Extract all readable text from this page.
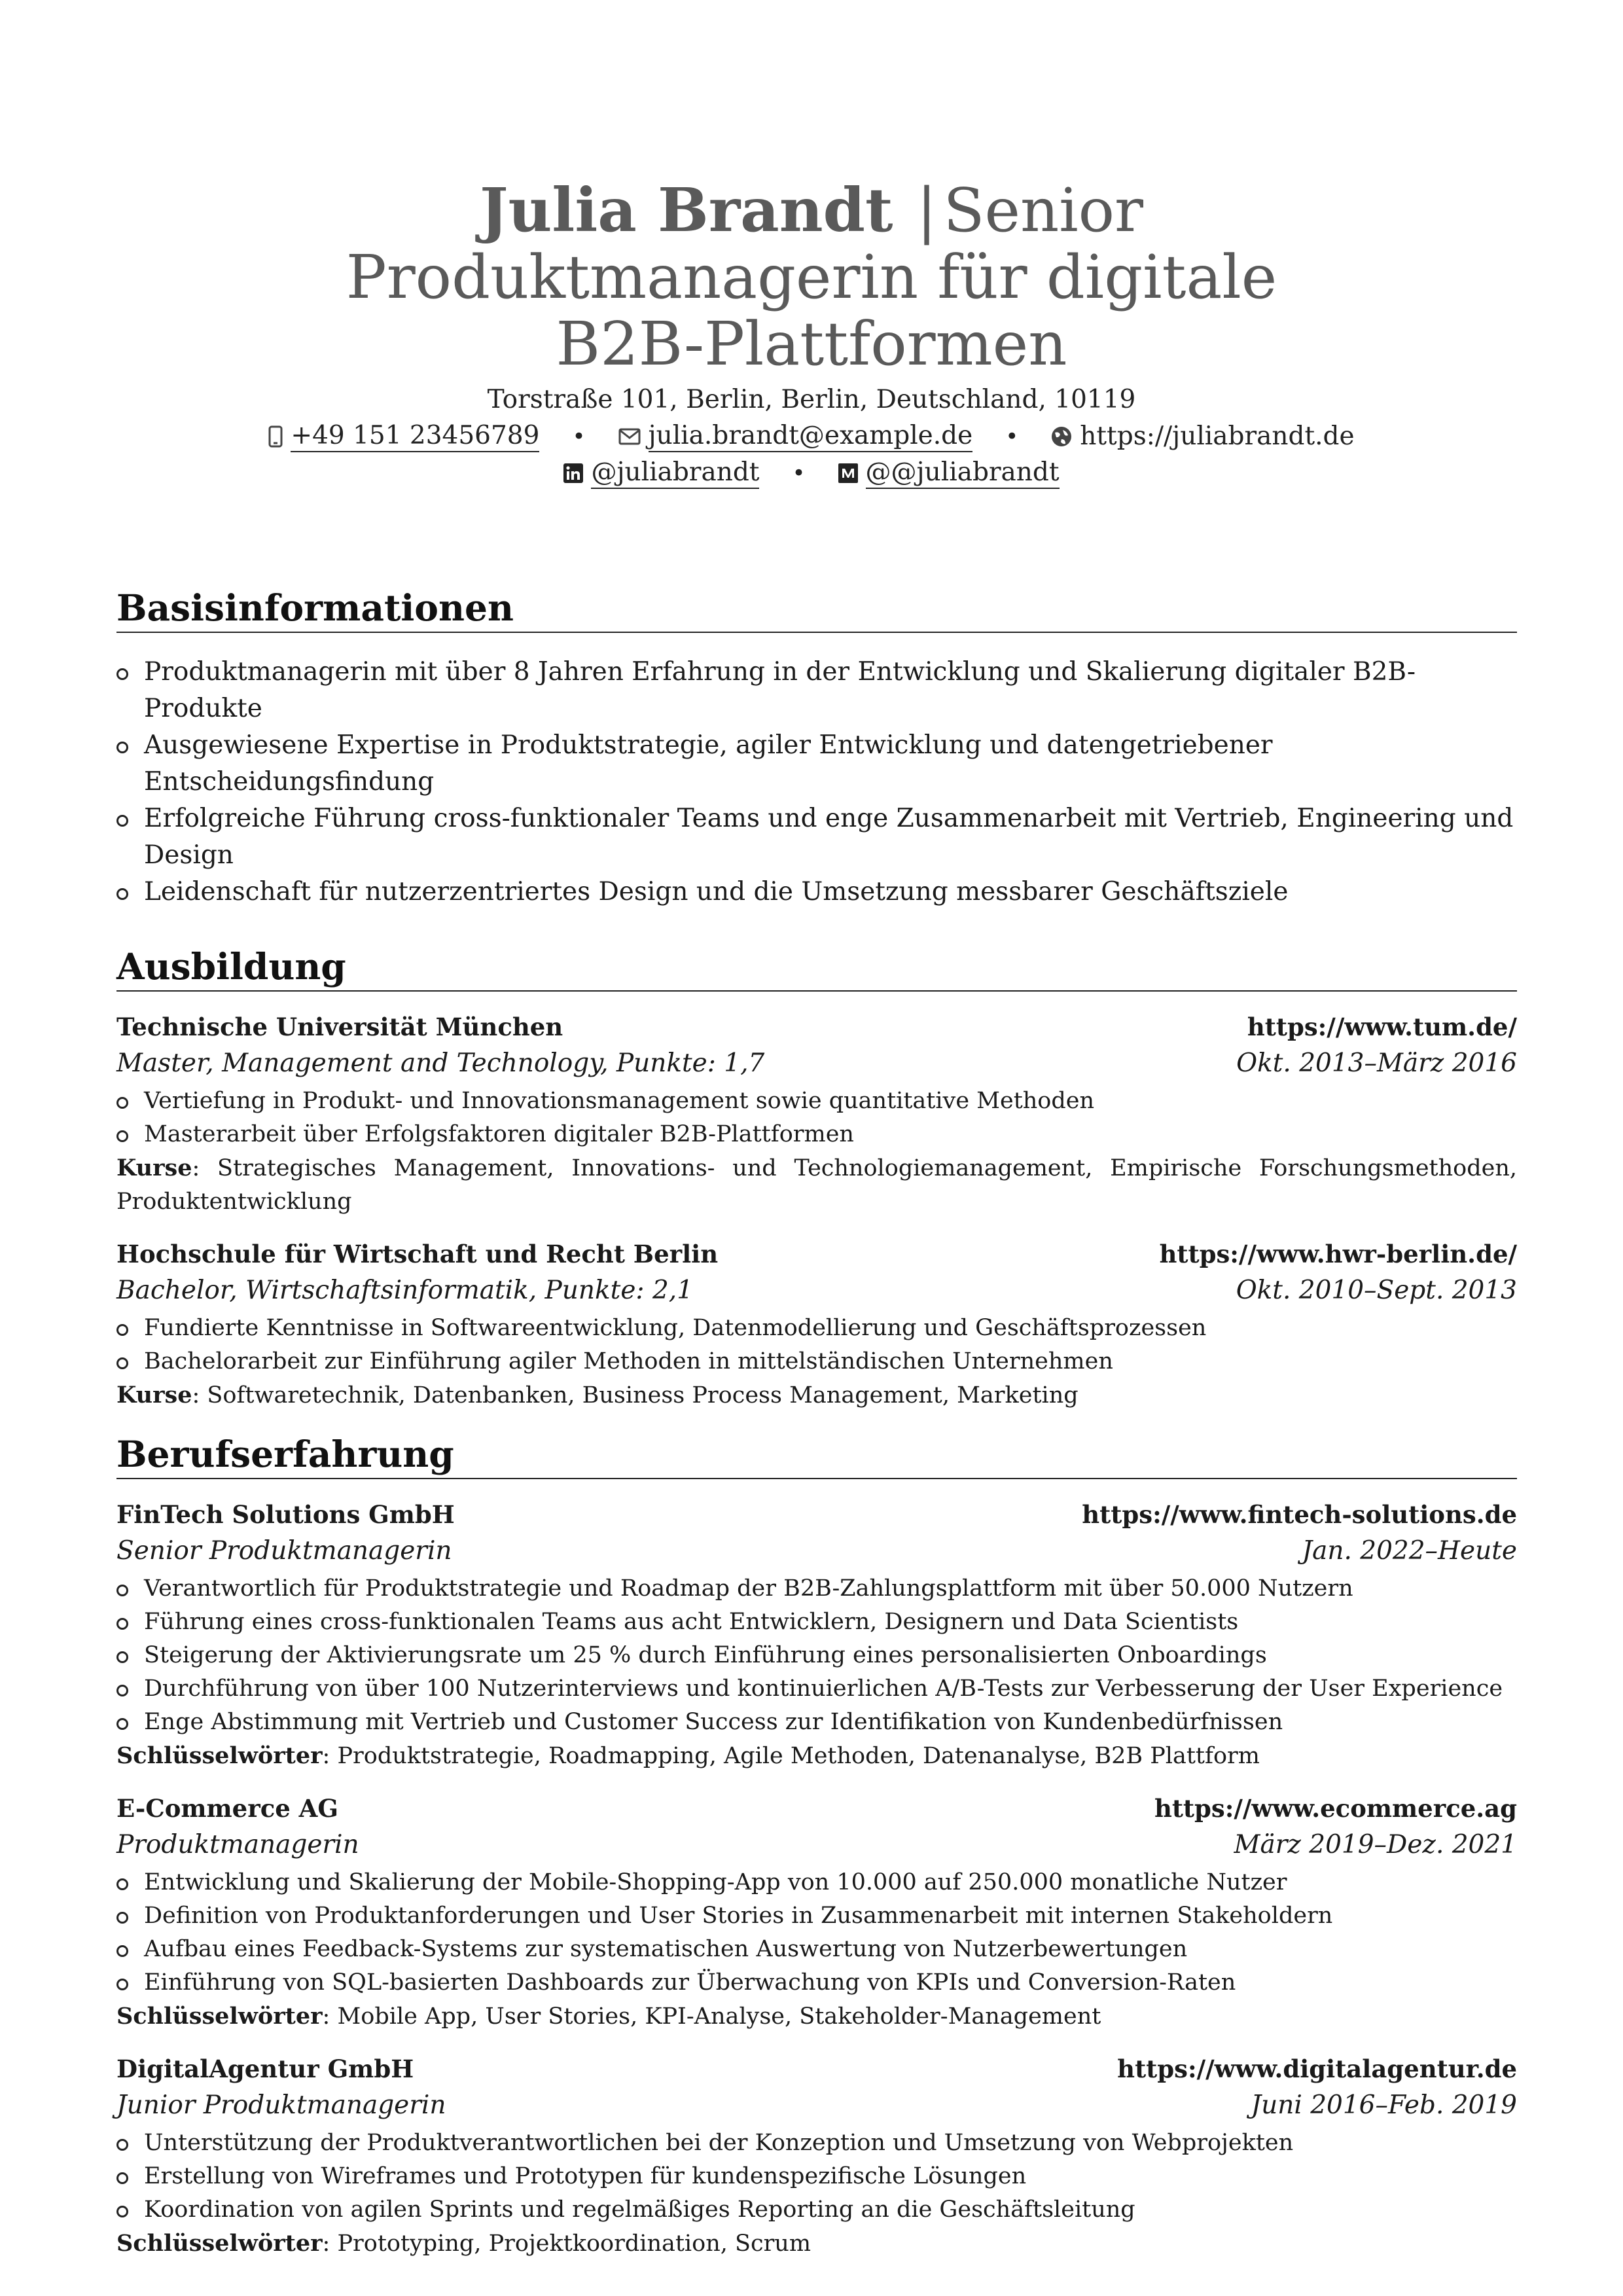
Julia Brandt | Senior Produktmanagerin für digitale B2B-Plattformen
Torstraße 101, Berlin, Berlin, Deutschland, 10119
+49 151 23456789 • julia.brandt@example.de • https://juliabrandt.de
@juliabrandt • @@juliabrandt
Basisinformationen
Produktmanagerin mit über 8 Jahren Erfahrung in der Entwicklung und Skalierung digitaler B2B-Produkte
Ausgewiesene Expertise in Produktstrategie, agiler Entwicklung und datengetriebener Entscheidungsfindung
Erfolgreiche Führung cross-funktionaler Teams und enge Zusammenarbeit mit Vertrieb, Engineering und Design
Leidenschaft für nutzerzentriertes Design und die Umsetzung messbarer Geschäftsziele
Ausbildung
Technische Universität München	https://www.tum.de/
Master, Management and Technology, Punkte: 1,7	Okt. 2013–März 2016
Vertiefung in Produkt- und Innovationsmanagement sowie quantitative Methoden
Masterarbeit über Erfolgsfaktoren digitaler B2B-Plattformen
Kurse: Strategisches Management, Innovations- und Technologiemanagement, Empirische Forschungsmethoden, Produktentwicklung
Hochschule für Wirtschaft und Recht Berlin	https://www.hwr-berlin.de/
Bachelor, Wirtschaftsinformatik, Punkte: 2,1	Okt. 2010–Sept. 2013
Fundierte Kenntnisse in Softwareentwicklung, Datenmodellierung und Geschäftsprozessen
Bachelorarbeit zur Einführung agiler Methoden in mittelständischen Unternehmen
Kurse: Softwaretechnik, Datenbanken, Business Process Management, Marketing
Berufserfahrung
FinTech Solutions GmbH	https://www.fintech-solutions.de
Senior Produktmanagerin	Jan. 2022–Heute
Verantwortlich für Produktstrategie und Roadmap der B2B-Zahlungsplattform mit über 50.000 Nutzern
Führung eines cross-funktionalen Teams aus acht Entwicklern, Designern und Data Scientists
Steigerung der Aktivierungsrate um 25 % durch Einführung eines personalisierten Onboardings
Durchführung von über 100 Nutzerinterviews und kontinuierlichen A/B-Tests zur Verbesserung der User Experience
Enge Abstimmung mit Vertrieb und Customer Success zur Identifikation von Kundenbedürfnissen
Schlüsselwörter: Produktstrategie, Roadmapping, Agile Methoden, Datenanalyse, B2B Plattform
E-Commerce AG	https://www.ecommerce.ag
Produktmanagerin	März 2019–Dez. 2021
Entwicklung und Skalierung der Mobile-Shopping-App von 10.000 auf 250.000 monatliche Nutzer
Definition von Produktanforderungen und User Stories in Zusammenarbeit mit internen Stakeholdern
Aufbau eines Feedback-Systems zur systematischen Auswertung von Nutzerbewertungen
Einführung von SQL-basierten Dashboards zur Überwachung von KPIs und Conversion-Raten
Schlüsselwörter: Mobile App, User Stories, KPI-Analyse, Stakeholder-Management
DigitalAgentur GmbH	https://www.digitalagentur.de
Junior Produktmanagerin	Juni 2016–Feb. 2019
Unterstützung der Produktverantwortlichen bei der Konzeption und Umsetzung von Webprojekten
Erstellung von Wireframes und Prototypen für kundenspezifische Lösungen
Koordination von agilen Sprints und regelmäßiges Reporting an die Geschäftsleitung
Schlüsselwörter: Prototyping, Projektkoordination, Scrum
